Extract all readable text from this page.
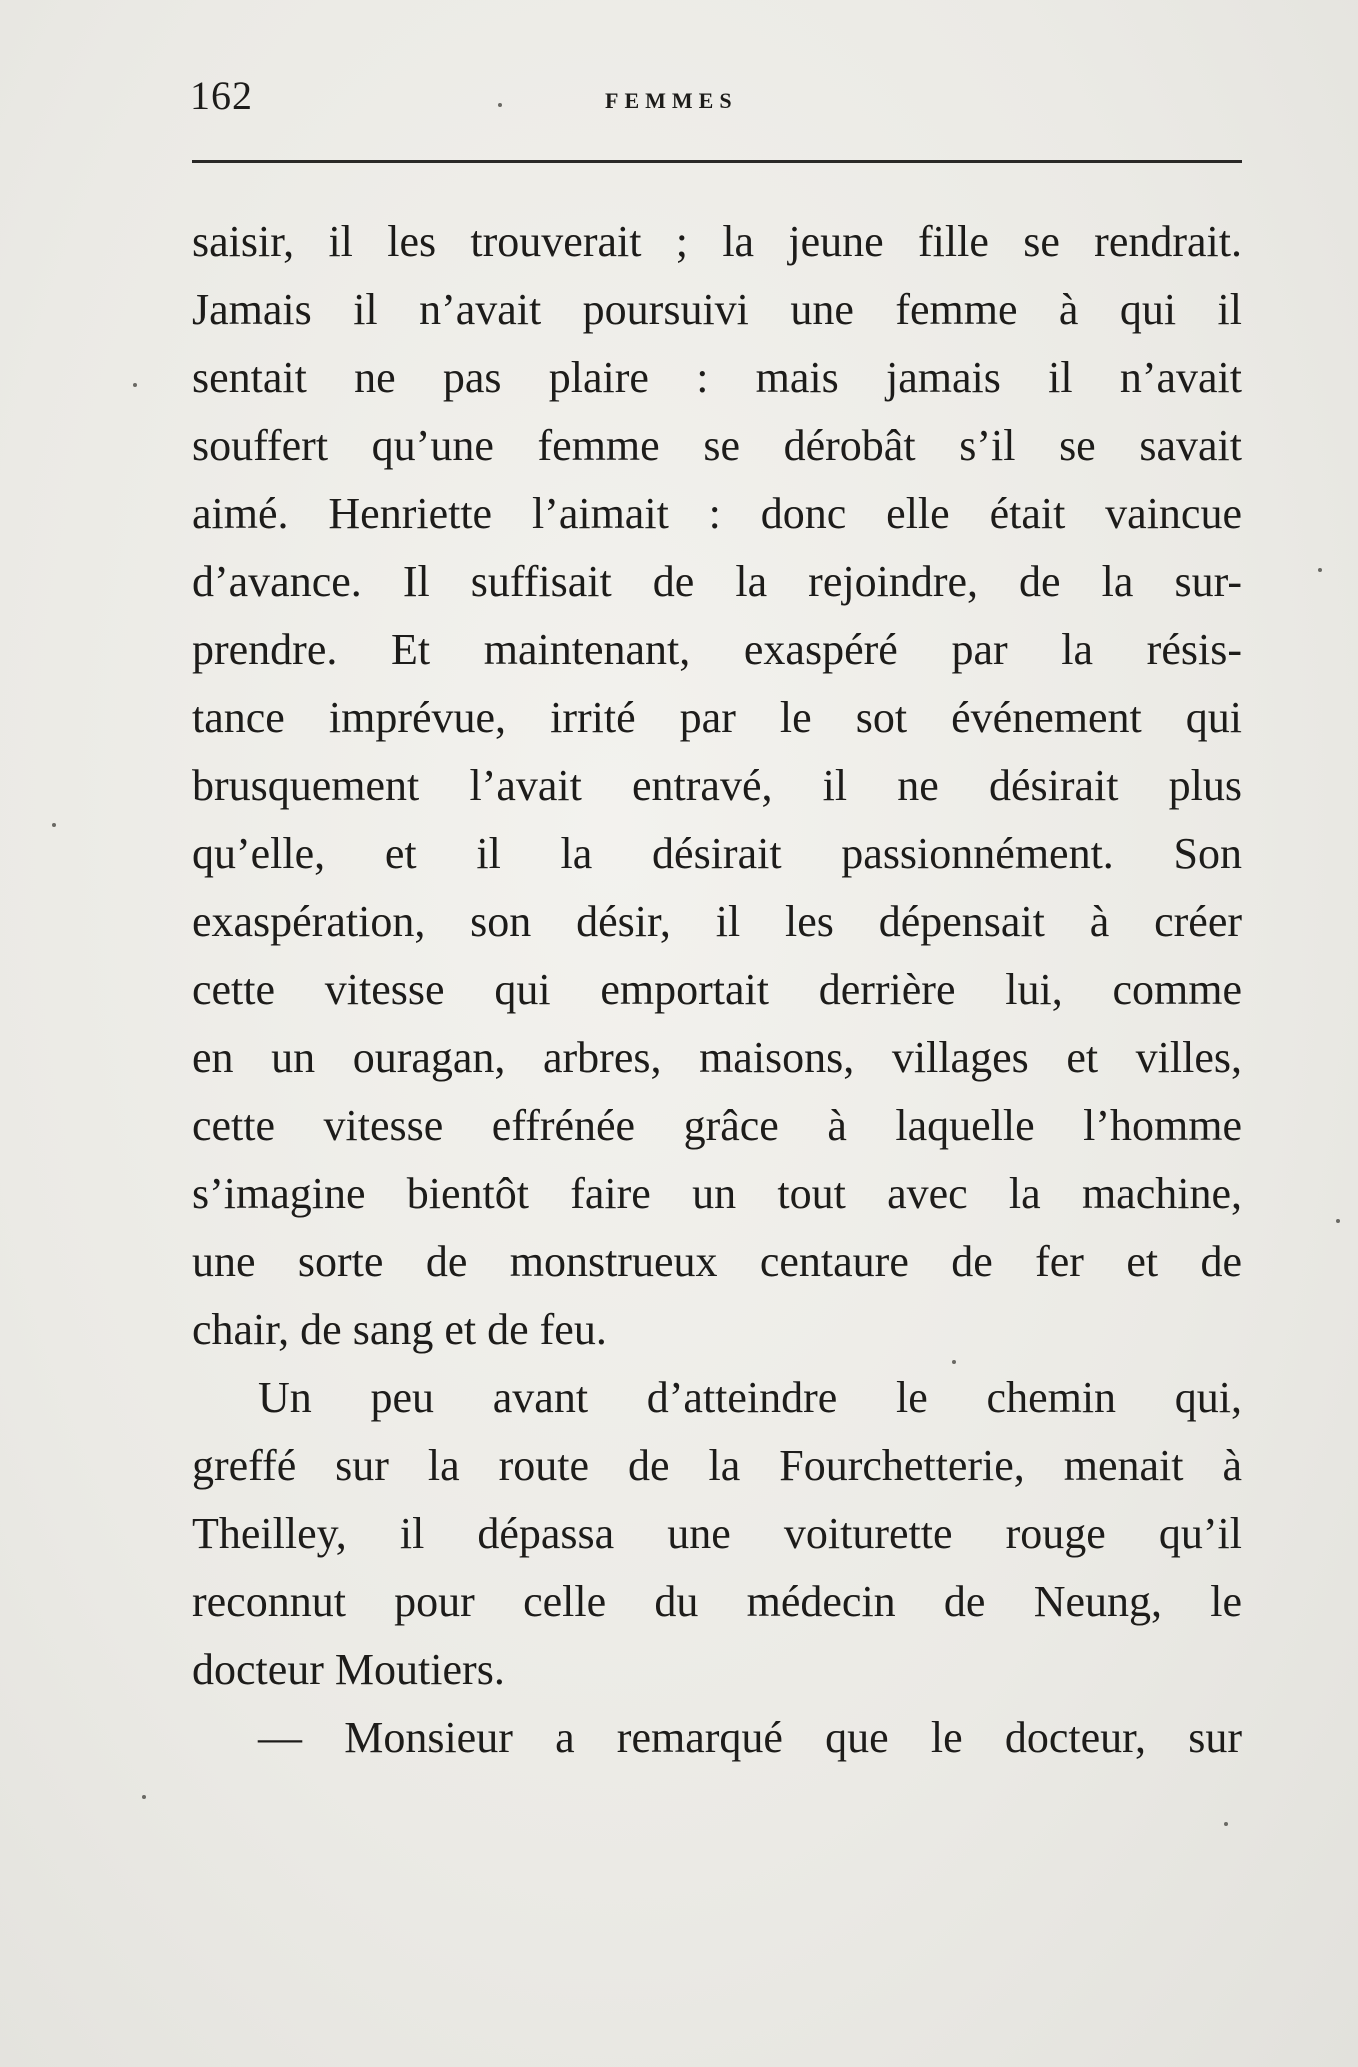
162	FEMMES
saisir, il les trouverait ; la jeune fille se rendrait.
Jamais il n’avait poursuivi une femme à qui il
sentait ne pas plaire : mais jamais il n’avait
souffert qu’une femme se dérobât s’il se savait
aimé. Henriette l’aimait : donc elle était vaincue
d’avance. Il suffisait de la rejoindre, de la sur-
prendre. Et maintenant, exaspéré par la résis-
tance imprévue, irrité par le sot événement qui
brusquement l’avait entravé, il ne désirait plus
qu’elle, et il la désirait passionnément. Son
exaspération, son désir, il les dépensait à créer
cette vitesse qui emportait derrière lui, comme
en un ouragan, arbres, maisons, villages et villes,
cette vitesse effrénée grâce à laquelle l’homme
s’imagine bientôt faire un tout avec la machine,
une sorte de monstrueux centaure de fer et de
chair, de sang et de feu.
Un peu avant d’atteindre le chemin qui,
greffé sur la route de la Fourchetterie, menait à
Theilley, il dépassa une voiturette rouge qu’il
reconnut pour celle du médecin de Neung, le
docteur Moutiers.
— Monsieur a remarqué que le docteur, sur
